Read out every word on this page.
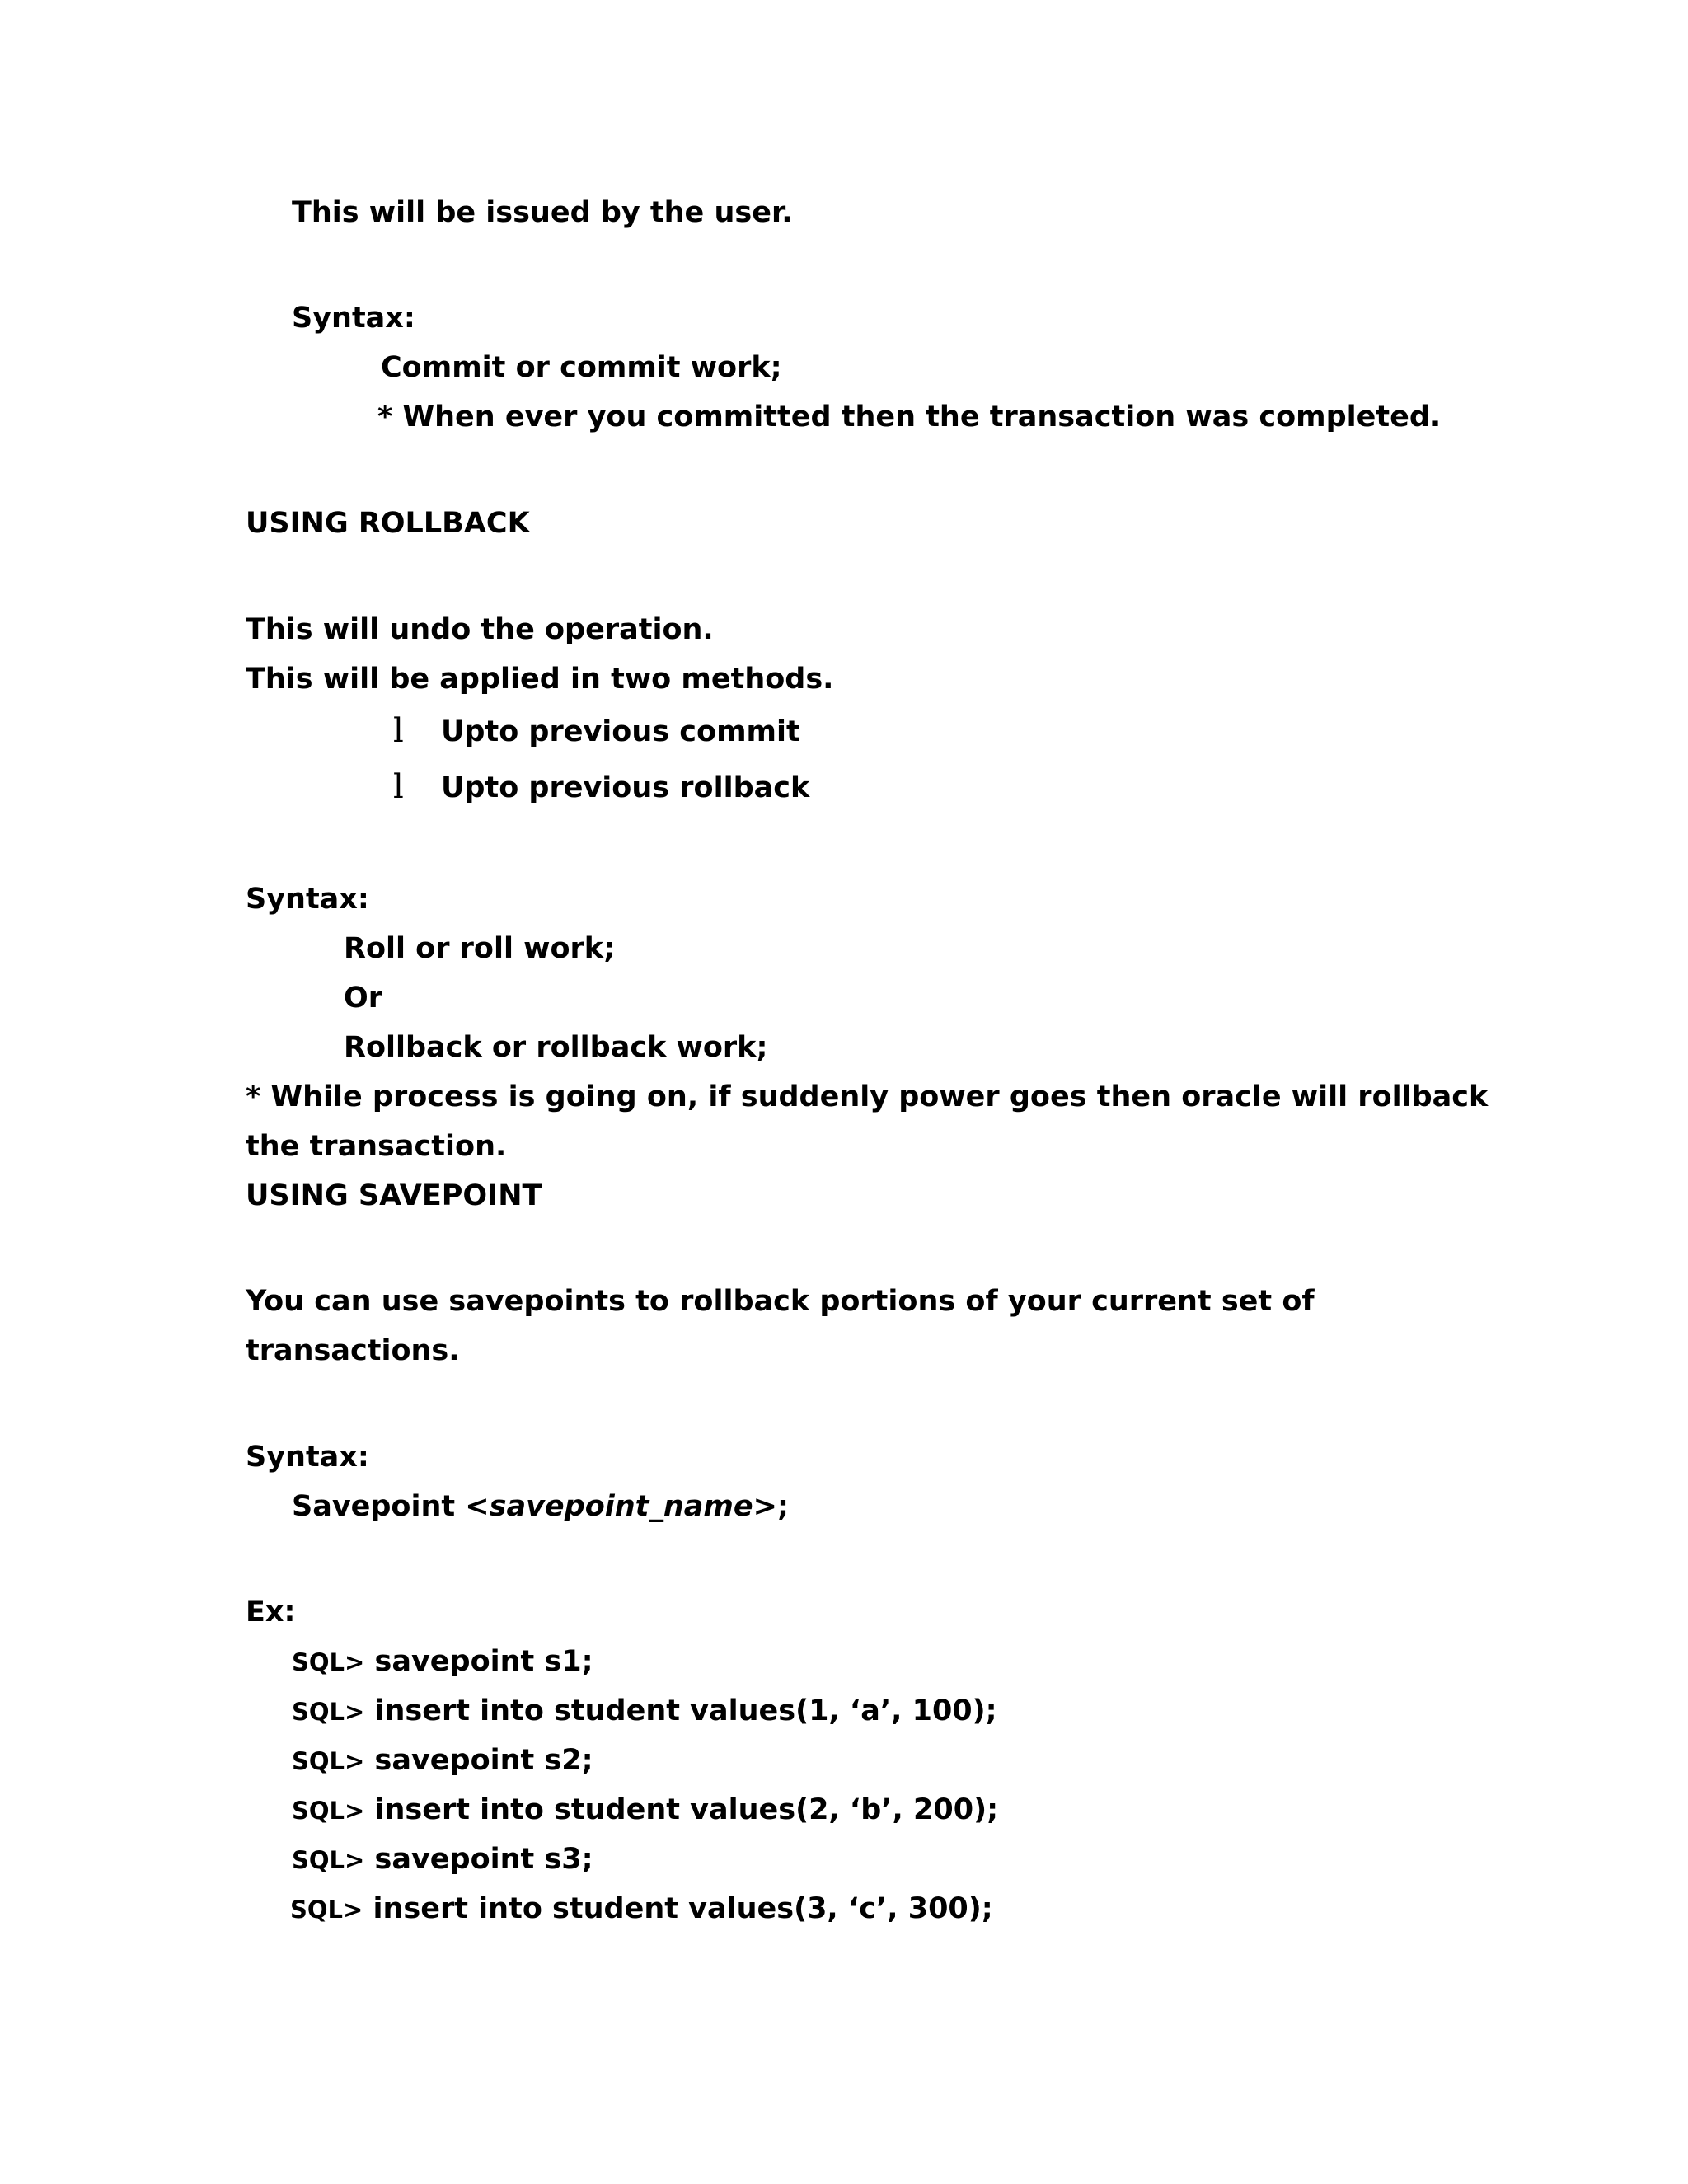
This will be issued by the user.
Syntax:
Commit or commit work;
* When ever you committed then the transaction was completed.
USING ROLLBACK
This will undo the operation.
This will be applied in two methods.
l Upto previous commit
l Upto previous rollback
Syntax:
Roll or roll work;
Or
Rollback or rollback work;
* While process is going on, if suddenly power goes then oracle will rollback
the transaction.
USING SAVEPOINT
You can use savepoints to rollback portions of your current set of
transactions.
Syntax:
Savepoint <savepoint_name>;
Ex:
SQL> savepoint s1;
SQL> insert into student values(1, ‘a’, 100);
SQL> savepoint s2;
SQL> insert into student values(2, ‘b’, 200);
SQL> savepoint s3;
SQL> insert into student values(3, ‘c’, 300);
